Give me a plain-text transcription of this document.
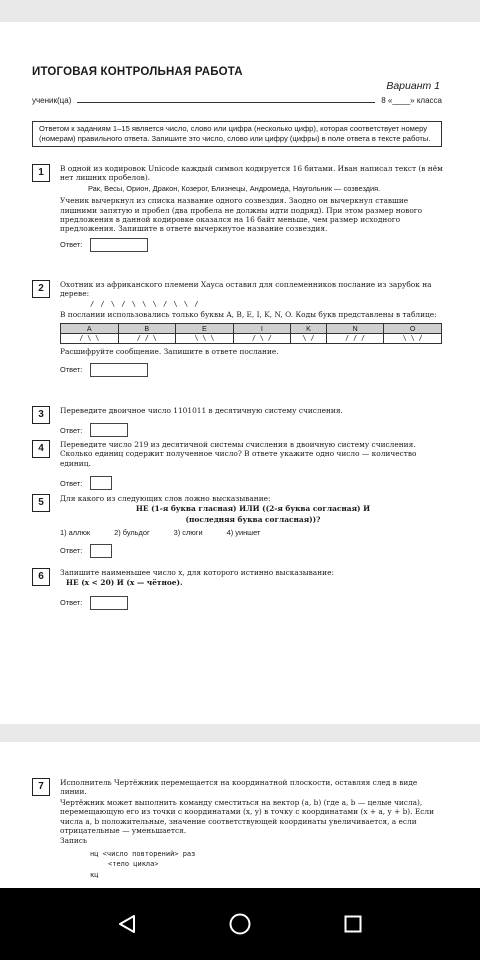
ИТОГОВАЯ КОНТРОЛЬНАЯ РАБОТА
Вариант 1
ученик(ца)	8 « ____ » класса
Ответом к заданиям 1–15 является число, слово или цифра (несколько цифр), которая соответствует номеру (номерам) правильного ответа. Запишите это число, слово или цифру (цифры) в поле ответа в тексте работы.
1	В одной из кодировок Unicode каждый символ кодируется 16 битами. Иван написал текст (в нём нет лишних пробелов).

Рак, Весы, Орион, Дракон, Козерог, Близнецы, Андромеда, Наугольник — созвездия.

Ученик вычеркнул из списка название одного созвездия. Заодно он вычеркнул ставшие лишними запятую и пробел (два пробела не должны идти подряд). При этом размер нового предложения в данной кодировке оказался на 16 байт меньше, чем размер исходного предложения. Запишите в ответе вычеркнутое название созвездия.

Ответ:
2	Охотник из африканского племени Хауса оставил для соплеменников послание из зарубок на дереве:

/ / \ / \ \ \ / \ \ /

В послании использовались только буквы A, B, E, I, K, N, O. Коды букв представлены в таблице:

A	B	E	I	K	N	O
/ \ \	/ / \	\ \ \	/ \ /	\ /	/ / /	\ \ /

Расшифруйте сообщение. Запишите в ответе послание.

Ответ:
3	Переведите двоичное число 1101011 в десятичную систему счисления.

Ответ:
4	Переведите число 219 из десятичной системы счисления в двоичную систему счисления. Сколько единиц содержит полученное число? В ответе укажите одно число — количество единиц.

Ответ:
5	Для какого из следующих слов ложно высказывание:

НЕ (1-я буква гласная) ИЛИ ((2-я буква согласная) И

(последняя буква согласная))?

1) аллюк	2) бульдог	3) слюги	4) уиншет
Ответ:
6	Запишите наименьшее число x, для которого истинно высказывание:

НЕ (x < 20) И (x — чётное).

Ответ:
7	Исполнитель Чертёжник перемещается на координатной плоскости, оставляя след в виде линии.

Чертёжник может выполнить команду сместиться на вектор (a, b) (где a, b — целые числа), перемещающую его из точки с координатами (x, y) в точку с координатами (x + a, y + b). Если числа a, b положительные, значение соответствующей координаты увеличивается, а если отрицательные — уменьшается.

Запись

нц <число повторений> раз

<тело цикла>

кц
